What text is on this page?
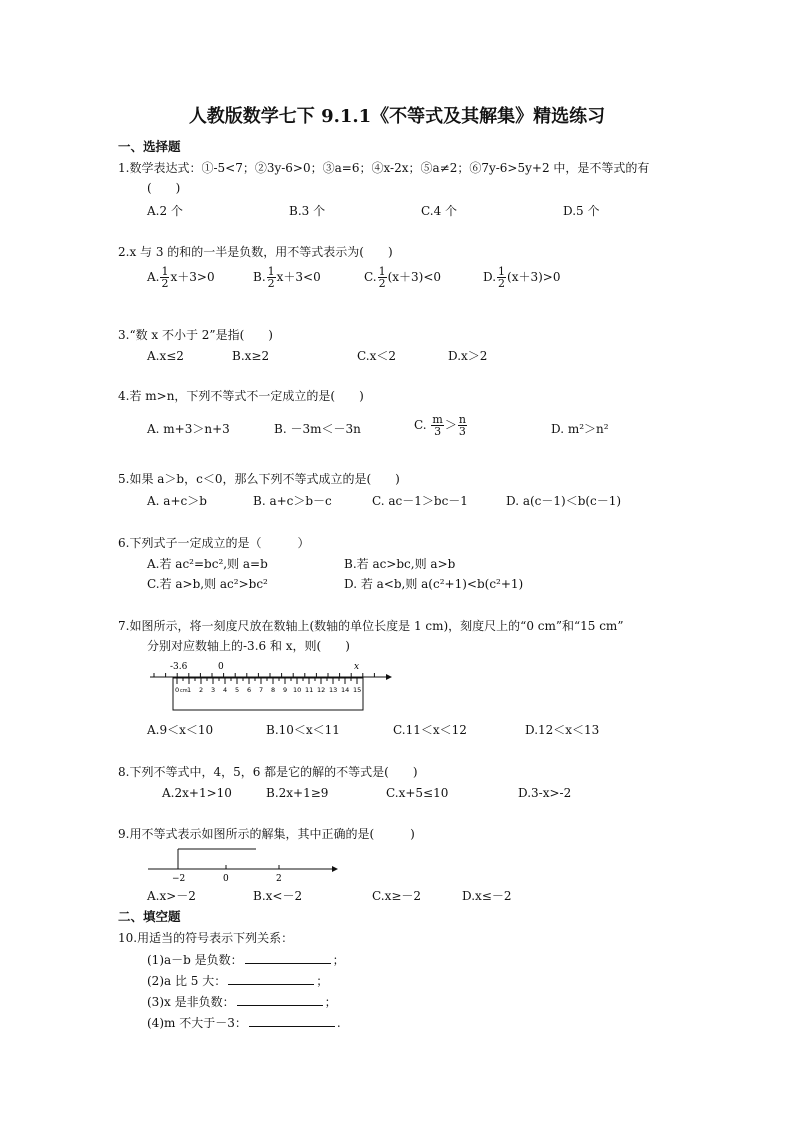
人教版数学七下 9.1.1《不等式及其解集》精选练习
一、选择题
1.数学表达式：①-5<7；②3y-6>0；③a=6；④x-2x；⑤a≠2；⑥7y-6>5y+2 中，是不等式的有
(　　)
A.2 个	B.3 个	C.4 个	D.5 个
2.x 与 3 的和的一半是负数，用不等式表示为(　　)
A. $\frac{1}{2} x+3>0$	B. $\frac{1}{2} x+3<0$	C. $\frac{1}{2} (x+3)<0$	D. $\frac{1}{2} (x+3)>0$
3.“数 x 不小于 2”是指(　　)
A.x≤2	B.x≥2	C.x＜2	D.x＞2
4.若 m>n，下列不等式不一定成立的是(　　)
A. m+3＞n+3	B. －3m＜－3n	C. $\frac{m}{3} > \frac{n}{3}$	D. m²＞n²
5.如果 a＞b，c＜0，那么下列不等式成立的是(　　)
A. a+c＞b	B. a+c＞b－c	C. ac－1＞bc－1	D. a(c－1)＜b(c－1)
6.下列式子一定成立的是（　　　）
A.若 ac²=bc²,则 a=b	B.若 ac>bc,则 a>b
C.若 a>b,则 ac²>bc²	D. 若 a<b,则 a(c²+1)<b(c²+1)
7.如图所示，将一刻度尺放在数轴上(数轴的单位长度是 1 cm)，刻度尺上的“0 cm”和“15 cm”
分别对应数轴上的-3.6 和 x，则(　　)
-3.6	0	x
0 1 2 3 4 5 6 7 8 9 10 11 12 13 14 15
cm
A.9＜x＜10	B.10＜x＜11	C.11＜x＜12	D.12＜x＜13
8.下列不等式中，4，5，6 都是它的解的不等式是(　　)
A.2x+1>10	B.2x+1≥9	C.x+5≤10	D.3-x>-2
9.用不等式表示如图所示的解集，其中正确的是(　　　)
−2	0	2
A.x>－2	B.x<－2	C.x≥－2	D.x≤－2
二、填空题
10.用适当的符号表示下列关系：
(1)a－b 是负数：	；
(2)a 比 5 大：	；
(3)x 是非负数：	；
(4)m 不大于－3：	.
